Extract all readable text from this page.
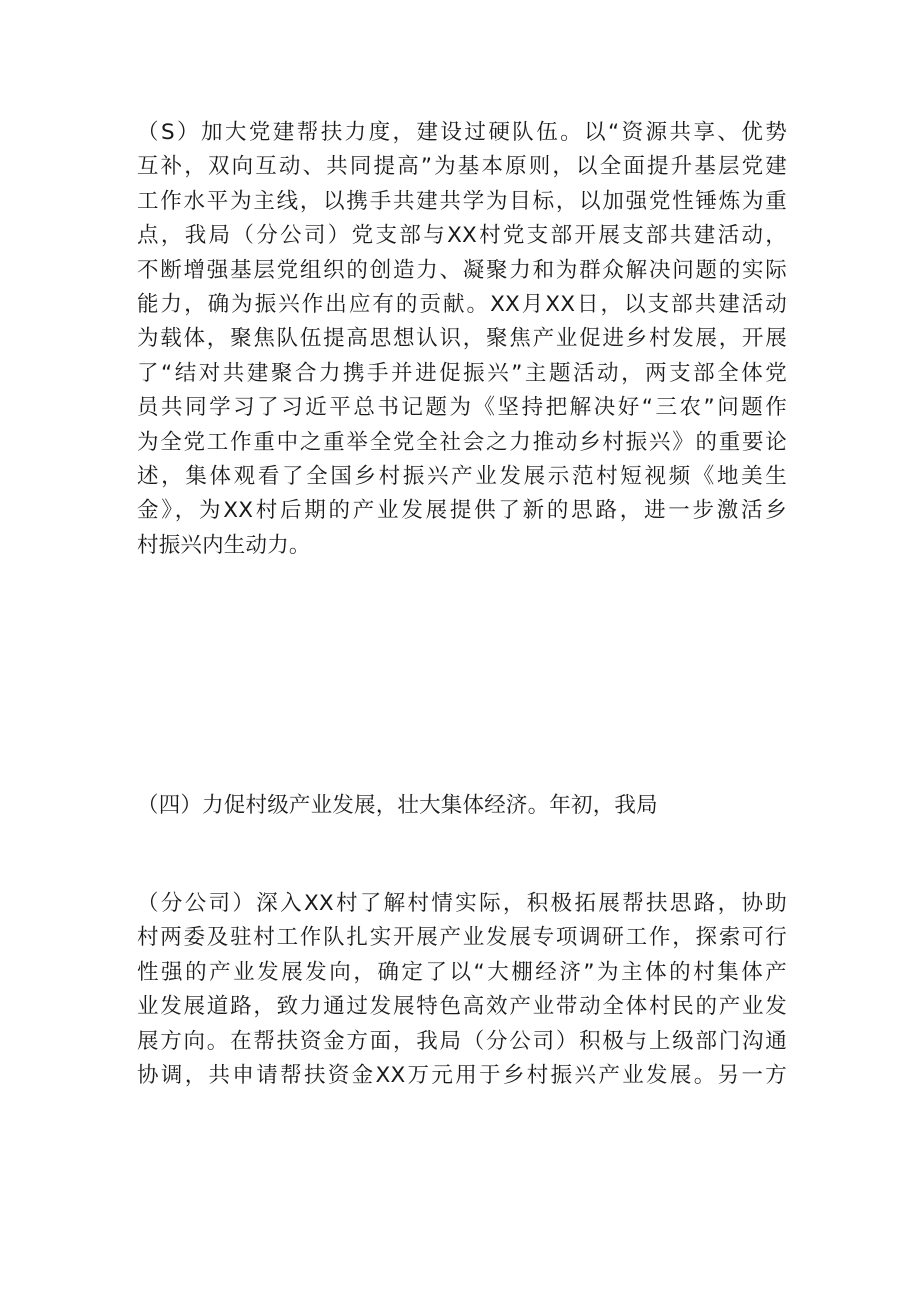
（S）加大党建帮扶力度，建设过硬队伍。以“资源共享、优势

互补，双向互动、共同提高”为基本原则，以全面提升基层党建

工作水平为主线，以携手共建共学为目标，以加强党性锤炼为重

点，我局（分公司）党支部与XX村党支部开展支部共建活动，

不断增强基层党组织的创造力、凝聚力和为群众解决问题的实际

能力，确为振兴作出应有的贡献。XX月XX日，以支部共建活动

为载体，聚焦队伍提高思想认识，聚焦产业促进乡村发展，开展

了“结对共建聚合力携手并进促振兴”主题活动，两支部全体党

员共同学习了习近平总书记题为《坚持把解决好“三农”问题作

为全党工作重中之重举全党全社会之力推动乡村振兴》的重要论

述，集体观看了全国乡村振兴产业发展示范村短视频《地美生

金》，为XX村后期的产业发展提供了新的思路，进一步激活乡

村振兴内生动力。

（四）力促村级产业发展，壮大集体经济。年初，我局

（分公司）深入XX村了解村情实际，积极拓展帮扶思路，协助

村两委及驻村工作队扎实开展产业发展专项调研工作，探索可行

性强的产业发展发向，确定了以“大棚经济”为主体的村集体产

业发展道路，致力通过发展特色高效产业带动全体村民的产业发

展方向。在帮扶资金方面，我局（分公司）积极与上级部门沟通

协调，共申请帮扶资金XX万元用于乡村振兴产业发展。另一方
